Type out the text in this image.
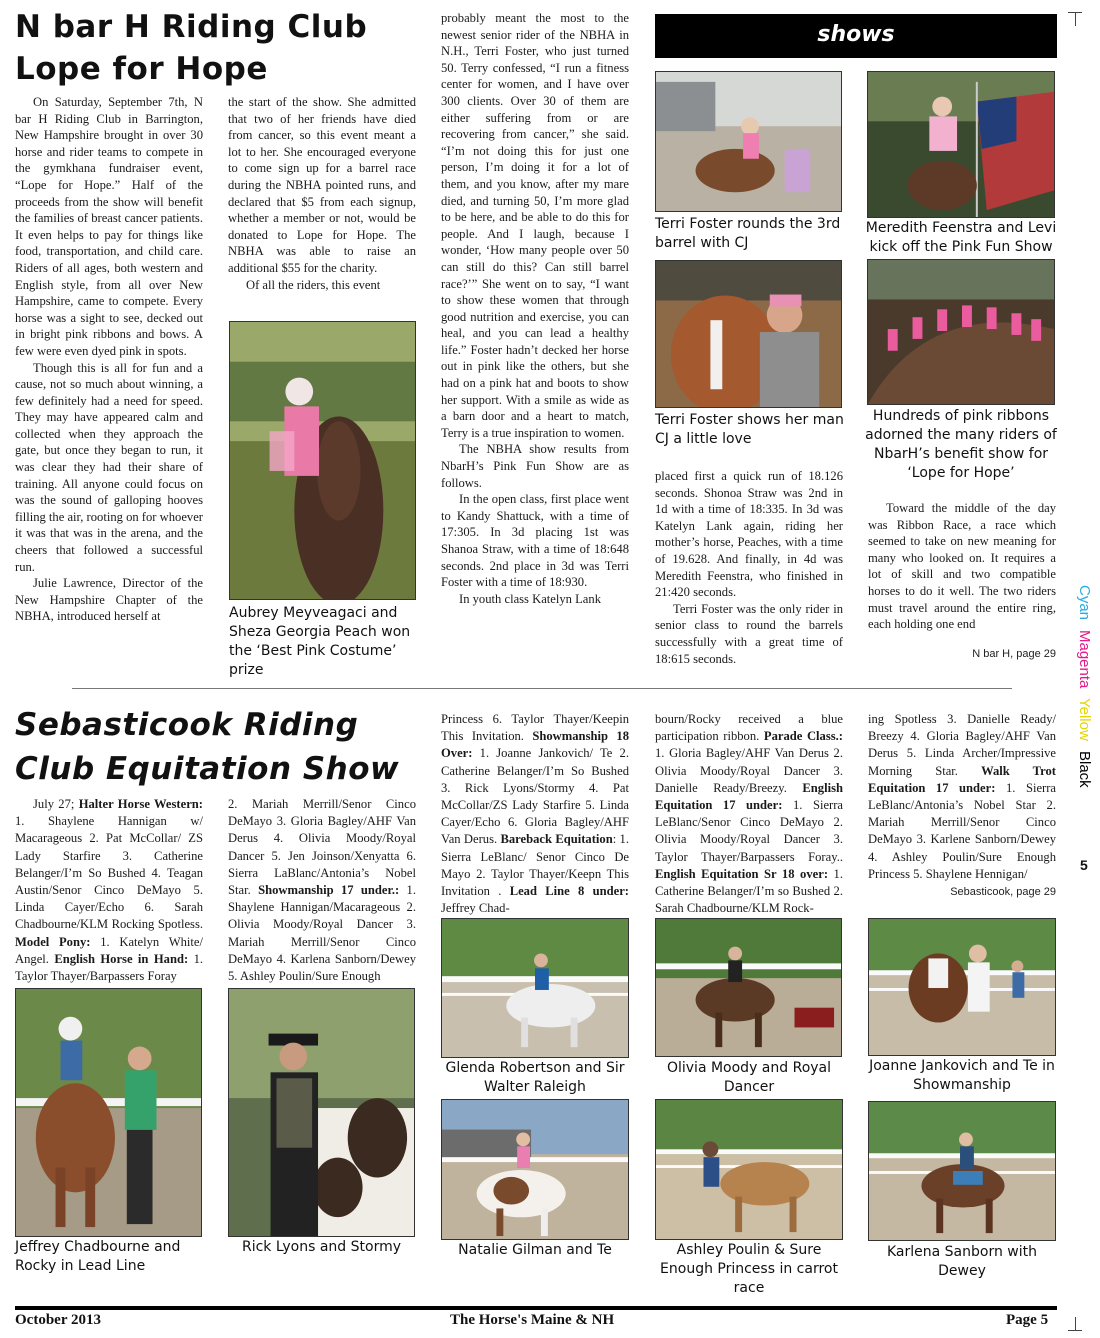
N bar H Riding Club
Lope for Hope

On Saturday, September 7th, N bar H Riding Club in Barrington, New Hampshire brought in over 30 horse and rider teams to compete in the gymkhana fundraiser event, “Lope for Hope.” Half of the proceeds from the show will benefit the families of breast cancer patients. It even helps to pay for things like food, transportation, and child care. Riders of all ages, both western and English style, from all over New Hampshire, came to compete. Every horse was a sight to see, decked out in bright pink ribbons and bows. A few were even dyed pink in spots.

Though this is all for fun and a cause, not so much about winning, a few definitely had a need for speed. They may have appeared calm and collected when they approach the gate, but once they began to run, it was clear they had their share of training. All anyone could focus on was the sound of galloping hooves filling the air, rooting on for whoever it was that was in the arena, and the cheers that followed a successful run.

Julie Lawrence, Director of the New Hampshire Chapter of the NBHA, introduced herself at

the start of the show. She admitted that two of her friends have died from cancer, so this event meant a lot to her. She encouraged everyone to come sign up for a barrel race during the NBHA pointed runs, and declared that $5 from each signup, whether a member or not, would be donated to Lope for Hope. The NBHA was able to raise an additional $55 for the charity.

Of all the riders, this event

Aubrey Meyveagaci and Sheza Georgia Peach won the ‘Best Pink Costume’ prize

probably meant the most to the newest senior rider of the NBHA in N.H., Terri Foster, who just turned 50. Terry confessed, “I run a fitness center for women, and I have over 300 clients. Over 30 of them are either suffering from or are recovering from cancer,” she said. “I’m not doing this for just one person, I’m doing it for a lot of them, and you know, after my mare died, and turning 50, I’m more glad to be here, and be able to do this for people. And I laugh, because I wonder, ‘How many people over 50 can still do this? Can still barrel race?’” She went on to say, “I want to show these women that through good nutrition and exercise, you can heal, and you can lead a healthy life.” Foster hadn’t decked her horse out in pink like the others, but she had on a pink hat and boots to show her support. With a smile as wide as a barn door and a heart to match, Terry is a true inspiration to women.

The NBHA show results from NbarH’s Pink Fun Show are as follows.

In the open class, first place went to Kandy Shattuck, with a time of 17:305. In 3d placing 1st was Shanoa Straw, with a time of 18:648 seconds. 2nd place in 3d was Terri Foster with a time of 18:930.

In youth class Katelyn Lank

shows
Terri Foster rounds the 3rd barrel with CJ
Meredith Feenstra and Levi kick off the Pink Fun Show
Terri Foster shows her man CJ a little love
Hundreds of pink ribbons adorned the many riders of NbarH’s benefit show for ‘Lope for Hope’

placed first a quick run of 18.126 seconds. Shonoa Straw was 2nd in 1d with a time of 18:335. In 3d was Katelyn Lank again, riding her mother’s horse, Peaches, with a time of 19.628. And finally, in 4d was Meredith Feenstra, who finished in 21:420 seconds.

Terri Foster was the only rider in senior class to round the barrels successfully with a great time of 18:615 seconds.

Toward the middle of the day was Ribbon Race, a race which seemed to take on new meaning for many who looked on. It requires a lot of skill and two compatible horses to do it well. The two riders must travel around the entire ring, each holding one end

N bar H, page 29
Sebasticook Riding
Club Equitation Show

July 27; Halter Horse Western: 1. Shaylene Hannigan w/ Macarageous 2. Pat McCollar/ ZS Lady Starfire 3. Catherine Belanger/I’m So Bushed 4. Teagan Austin/Senor Cinco DeMayo 5. Linda Cayer/Echo 6. Sarah Chadbourne/KLM Rocking Spotless. Model Pony: 1. Katelyn White/ Angel. English Horse in Hand: 1. Taylor Thayer/Barpassers Foray

2. Mariah Merrill/Senor Cinco DeMayo 3. Gloria Bagley/AHF Van Derus 4. Olivia Moody/Royal Dancer 5. Jen Joinson/Xenyatta 6. Sierra LaBlanc/Antonia’s Nobel Star. Showmanship 17 under.: 1. Shaylene Hannigan/Macarageous 2. Olivia Moody/Royal Dancer 3. Mariah Merrill/Senor Cinco DeMayo 4. Karlena Sanborn/Dewey 5. Ashley Poulin/Sure Enough

Princess 6. Taylor Thayer/Keepin This Invitation. Showmanship 18 Over: 1. Joanne Jankovich/ Te 2. Catherine Belanger/I’m So Bushed 3. Rick Lyons/Stormy 4. Pat McCollar/ZS Lady Starfire 5. Linda Cayer/Echo 6. Gloria Bagley/AHF Van Derus. Bareback Equitation: 1. Sierra LeBlanc/ Senor Cinco De Mayo 2. Taylor Thayer/Keepn This Invitation . Lead Line 8 under: Jeffrey Chad-

bourn/Rocky received a blue participation ribbon. Parade Class.: 1. Gloria Bagley/AHF Van Derus 2. Olivia Moody/Royal Dancer 3. Danielle Ready/Breezy. English Equitation 17 under: 1. Sierra LeBlanc/Senor Cinco DeMayo 2. Olivia Moody/Royal Dancer 3. Taylor Thayer/Barpassers Foray.. English Equitation Sr 18 over: 1. Catherine Belanger/I’m so Bushed 2. Sarah Chadbourne/KLM Rock-

ing Spotless 3. Danielle Ready/ Breezy 4. Gloria Bagley/AHF Van Derus 5. Linda Archer/Impressive Morning Star. Walk Trot Equitation 17 under: 1. Sierra LeBlanc/Antonia’s Nobel Star 2. Mariah Merrill/Senor Cinco DeMayo 3. Karlene Sanborn/Dewey 4. Ashley Poulin/Sure Enough Princess 5. Shaylene Hennigan/

Sebasticook, page 29
Jeffrey Chadbourne and Rocky in Lead Line
Rick Lyons and Stormy
Glenda Robertson and Sir Walter Raleigh
Olivia Moody and Royal Dancer
Joanne Jankovich and Te in Showmanship
Natalie Gilman and Te	Ashley Poulin & Sure Enough Princess in carrot race
Karlena Sanborn with Dewey
Cyan
Magenta
Yellow
Black
5
October 2013	The Horse's Maine & NH	Page 5
